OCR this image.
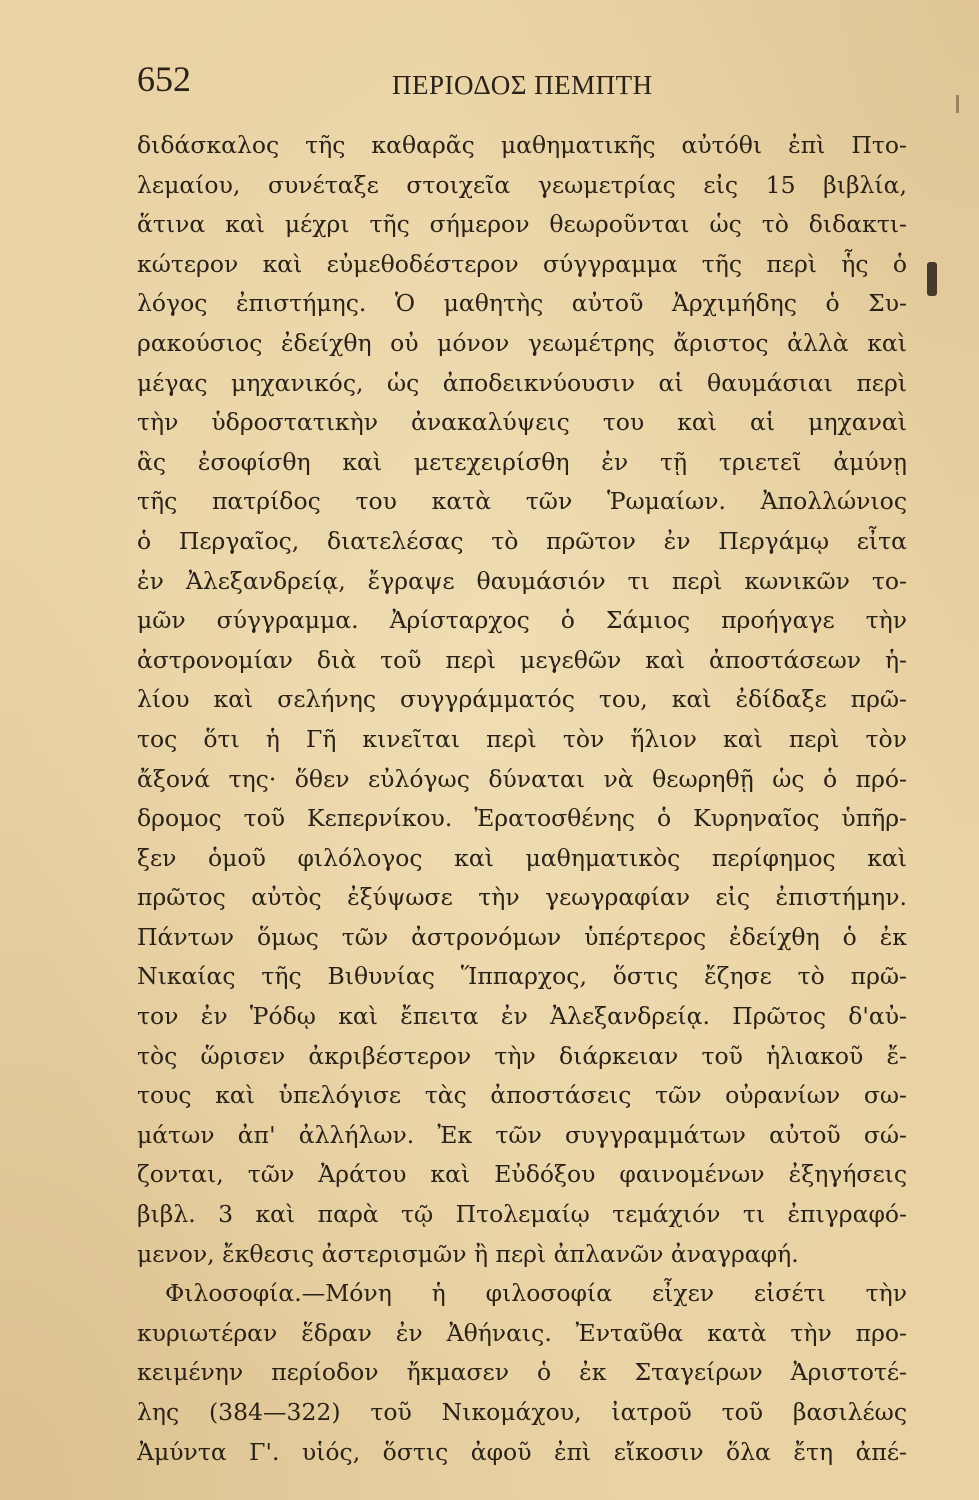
652	ΠΕΡΙΟΔΟΣ ΠΕΜΠΤΗ
διδάσκαλος τῆς καθαρᾶς μαθηματικῆς αὐτόθι ἐπὶ Πτο-
λεμαίου, συνέταξε στοιχεῖα γεωμετρίας εἰς 15 βιβλία,
ἅτινα καὶ μέχρι τῆς σήμερον θεωροῦνται ὡς τὸ διδακτι-
κώτερον καὶ εὐμεθοδέστερον σύγγραμμα τῆς περὶ ἧς ὁ
λόγος ἐπιστήμης. Ὁ μαθητὴς αὐτοῦ Ἀρχιμήδης ὁ Συ-
ρακούσιος ἐδείχθη οὐ μόνον γεωμέτρης ἄριστος ἀλλὰ καὶ
μέγας μηχανικός, ὡς ἀποδεικνύουσιν αἱ θαυμάσιαι περὶ
τὴν ὑδροστατικὴν ἀνακαλύψεις του καὶ αἱ μηχαναὶ
ἃς ἐσοφίσθη καὶ μετεχειρίσθη ἐν τῇ τριετεῖ ἀμύνῃ
τῆς πατρίδος του κατὰ τῶν Ῥωμαίων. Ἀπολλώνιος
ὁ Περγαῖος, διατελέσας τὸ πρῶτον ἐν Περγάμῳ εἶτα
ἐν Ἀλεξανδρείᾳ, ἔγραψε θαυμάσιόν τι περὶ κωνικῶν το-
μῶν σύγγραμμα. Ἀρίσταρχος ὁ Σάμιος προήγαγε τὴν
ἀστρονομίαν διὰ τοῦ περὶ μεγεθῶν καὶ ἀποστάσεων ἡ-
λίου καὶ σελήνης συγγράμματός του, καὶ ἐδίδαξε πρῶ-
τος ὅτι ἡ Γῆ κινεῖται περὶ τὸν ἥλιον καὶ περὶ τὸν
ἄξονά της· ὅθεν εὐλόγως δύναται νὰ θεωρηθῇ ὡς ὁ πρό-
δρομος τοῦ Κεπερνίκου. Ἐρατοσθένης ὁ Κυρηναῖος ὑπῆρ-
ξεν ὁμοῦ φιλόλογος καὶ μαθηματικὸς περίφημος καὶ
πρῶτος αὐτὸς ἐξύψωσε τὴν γεωγραφίαν εἰς ἐπιστήμην.
Πάντων ὅμως τῶν ἀστρονόμων ὑπέρτερος ἐδείχθη ὁ ἐκ
Νικαίας τῆς Βιθυνίας Ἵππαρχος, ὅστις ἔζησε τὸ πρῶ-
τον ἐν Ῥόδῳ καὶ ἔπειτα ἐν Ἀλεξανδρείᾳ. Πρῶτος δ'αὐ-
τὸς ὥρισεν ἀκριβέστερον τὴν διάρκειαν τοῦ ἡλιακοῦ ἔ-
τους καὶ ὑπελόγισε τὰς ἀποστάσεις τῶν οὐρανίων σω-
μάτων ἀπ' ἀλλήλων. Ἐκ τῶν συγγραμμάτων αὐτοῦ σώ-
ζονται, τῶν Ἀράτου καὶ Εὐδόξου φαινομένων ἐξηγήσεις
βιβλ. 3 καὶ παρὰ τῷ Πτολεμαίῳ τεμάχιόν τι ἐπιγραφό-
μενον, ἔκθεσις ἀστερισμῶν ἢ περὶ ἀπλανῶν ἀναγραφή.
Φιλοσοφία.—Μόνη ἡ φιλοσοφία εἶχεν εἰσέτι τὴν
κυριωτέραν ἕδραν ἐν Ἀθήναις. Ἐνταῦθα κατὰ τὴν προ-
κειμένην περίοδον ἤκμασεν ὁ ἐκ Σταγείρων Ἀριστοτέ-
λης (384—322) τοῦ Νικομάχου, ἰατροῦ τοῦ βασιλέως
Ἀμύντα Γ'. υἱός, ὅστις ἀφοῦ ἐπὶ εἴκοσιν ὅλα ἔτη ἀπέ-
